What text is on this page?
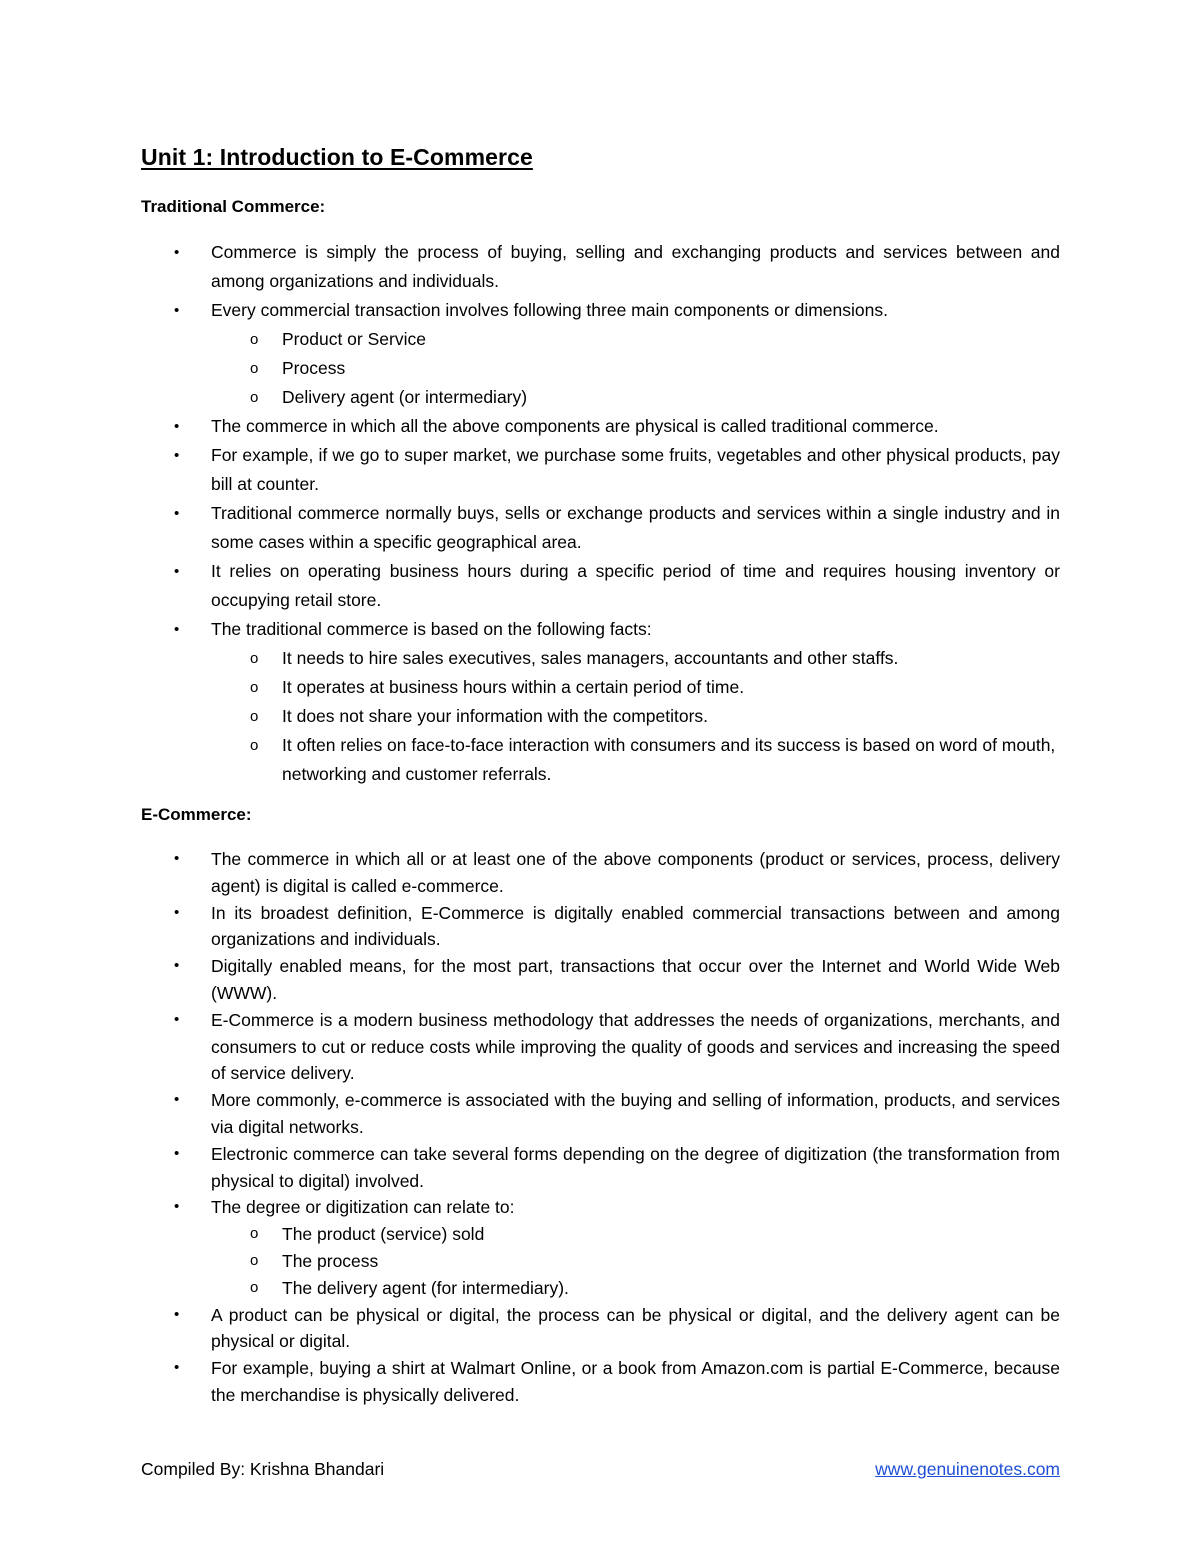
Unit 1: Introduction to E-Commerce
Traditional Commerce:
• Commerce is simply the process of buying, selling and exchanging products and services between and among organizations and individuals.
• Every commercial transaction involves following three main components or dimensions.
o Product or Service
o Process
o Delivery agent (or intermediary)
• The commerce in which all the above components are physical is called traditional commerce.
• For example, if we go to super market, we purchase some fruits, vegetables and other physical products, pay bill at counter.
• Traditional commerce normally buys, sells or exchange products and services within a single industry and in some cases within a specific geographical area.
• It relies on operating business hours during a specific period of time and requires housing inventory or occupying retail store.
• The traditional commerce is based on the following facts:
o It needs to hire sales executives, sales managers, accountants and other staffs.
o It operates at business hours within a certain period of time.
o It does not share your information with the competitors.
o It often relies on face-to-face interaction with consumers and its success is based on word of mouth, networking and customer referrals.
E-Commerce:
• The commerce in which all or at least one of the above components (product or services, process, delivery agent) is digital is called e-commerce.
• In its broadest definition, E-Commerce is digitally enabled commercial transactions between and among organizations and individuals.
• Digitally enabled means, for the most part, transactions that occur over the Internet and World Wide Web (WWW).
• E-Commerce is a modern business methodology that addresses the needs of organizations, merchants, and consumers to cut or reduce costs while improving the quality of goods and services and increasing the speed of service delivery.
• More commonly, e-commerce is associated with the buying and selling of information, products, and services via digital networks.
• Electronic commerce can take several forms depending on the degree of digitization (the transformation from physical to digital) involved.
• The degree or digitization can relate to:
o The product (service) sold
o The process
o The delivery agent (for intermediary).
• A product can be physical or digital, the process can be physical or digital, and the delivery agent can be physical or digital.
• For example, buying a shirt at Walmart Online, or a book from Amazon.com is partial E-Commerce, because the merchandise is physically delivered.
Compiled By: Krishna Bhandari	www.genuinenotes.com
